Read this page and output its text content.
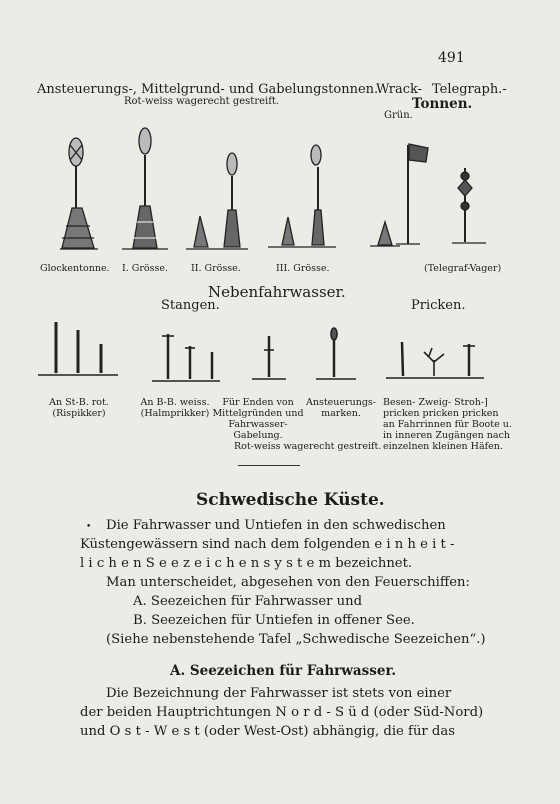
491
Ansteuerungs-, Mittelgrund- und Gabelungstonnen.
Rot-weiss wagerecht gestreift.
Wrack- Telegraph.-
Tonnen.
Grün.
Glockentonne. I. Grösse. II. Grösse.	III. Grösse.	(Telegraf-Vager)
Nebenfahrwasser.
Stangen.	Pricken.
An St-B. rot.
(Rispikker)
An B-B. weiss.
(Halmprikker)
Für Enden von
Mittelgründen und
Fahrwasser-
Gabelung.
Rot-weiss wagerecht gestreift.
Ansteuerungs-
marken.
Besen- Zweig- Stroh-]
pricken pricken pricken
an Fahrrinnen für Boote u.
in inneren Zugängen nach
einzelnen kleinen Häfen.
Schwedische Küste.
• Die Fahrwasser und Untiefen in den schwedischen
Küstengewässern sind nach dem folgenden e i n h e i t -
l i c h e n S e e z e i c h e n s y s t e m bezeichnet.
Man unterscheidet, abgesehen von den Feuerschiffen:
A. Seezeichen für Fahrwasser und
B. Seezeichen für Untiefen in offener See.
(Siehe nebenstehende Tafel „Schwedische Seezeichen“.)
A. Seezeichen für Fahrwasser.
Die Bezeichnung der Fahrwasser ist stets von einer
der beiden Hauptrichtungen N o r d - S ü d (oder Süd-Nord)
und O s t - W e s t (oder West-Ost) abhängig, die für das
